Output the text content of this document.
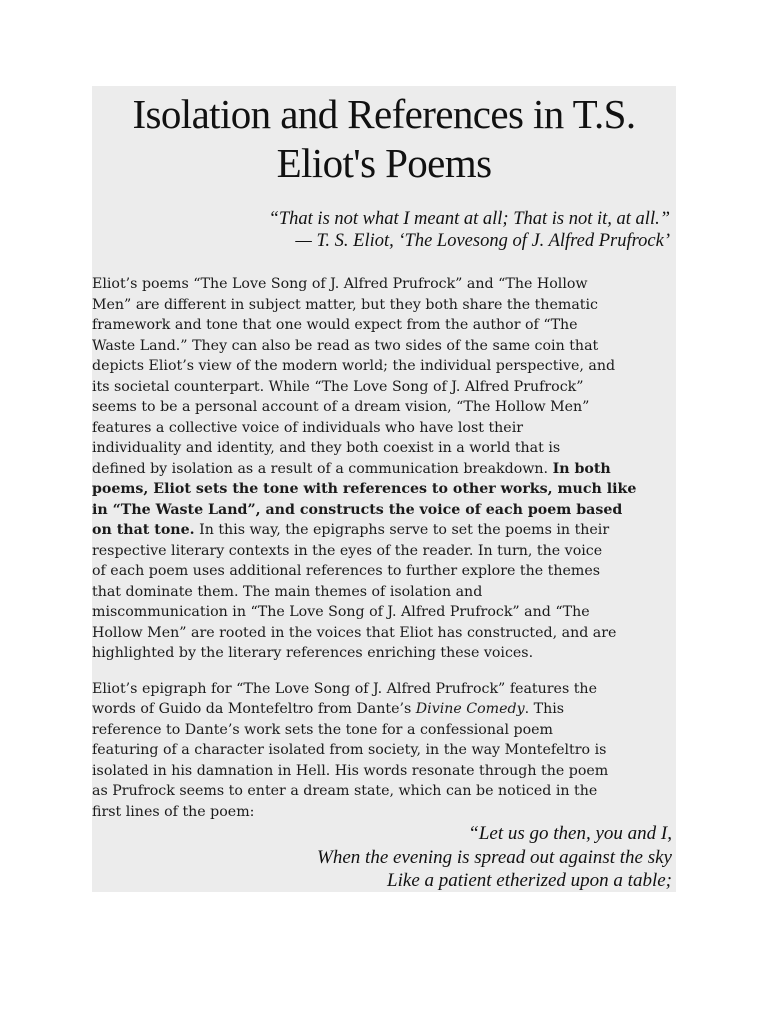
Isolation and References in T.S.
Eliot's Poems
“That is not what I meant at all; That is not it, at all.”
— T. S. Eliot, ‘The Lovesong of J. Alfred Prufrock’

Eliot’s poems “The Love Song of J. Alfred Prufrock” and “The Hollow
Men” are different in subject matter, but they both share the thematic
framework and tone that one would expect from the author of “The
Waste Land.” They can also be read as two sides of the same coin that
depicts Eliot’s view of the modern world; the individual perspective, and
its societal counterpart. While “The Love Song of J. Alfred Prufrock”
seems to be a personal account of a dream vision, “The Hollow Men”
features a collective voice of individuals who have lost their
individuality and identity, and they both coexist in a world that is
defined by isolation as a result of a communication breakdown. In both
poems, Eliot sets the tone with references to other works, much like
in “The Waste Land”, and constructs the voice of each poem based
on that tone. In this way, the epigraphs serve to set the poems in their
respective literary contexts in the eyes of the reader. In turn, the voice
of each poem uses additional references to further explore the themes
that dominate them. The main themes of isolation and
miscommunication in “The Love Song of J. Alfred Prufrock” and “The
Hollow Men” are rooted in the voices that Eliot has constructed, and are
highlighted by the literary references enriching these voices.

Eliot’s epigraph for “The Love Song of J. Alfred Prufrock” features the
words of Guido da Montefeltro from Dante’s Divine Comedy. This
reference to Dante’s work sets the tone for a confessional poem
featuring of a character isolated from society, in the way Montefeltro is
isolated in his damnation in Hell. His words resonate through the poem
as Prufrock seems to enter a dream state, which can be noticed in the
first lines of the poem:

“Let us go then, you and I,
When the evening is spread out against the sky
Like a patient etherized upon a table;
